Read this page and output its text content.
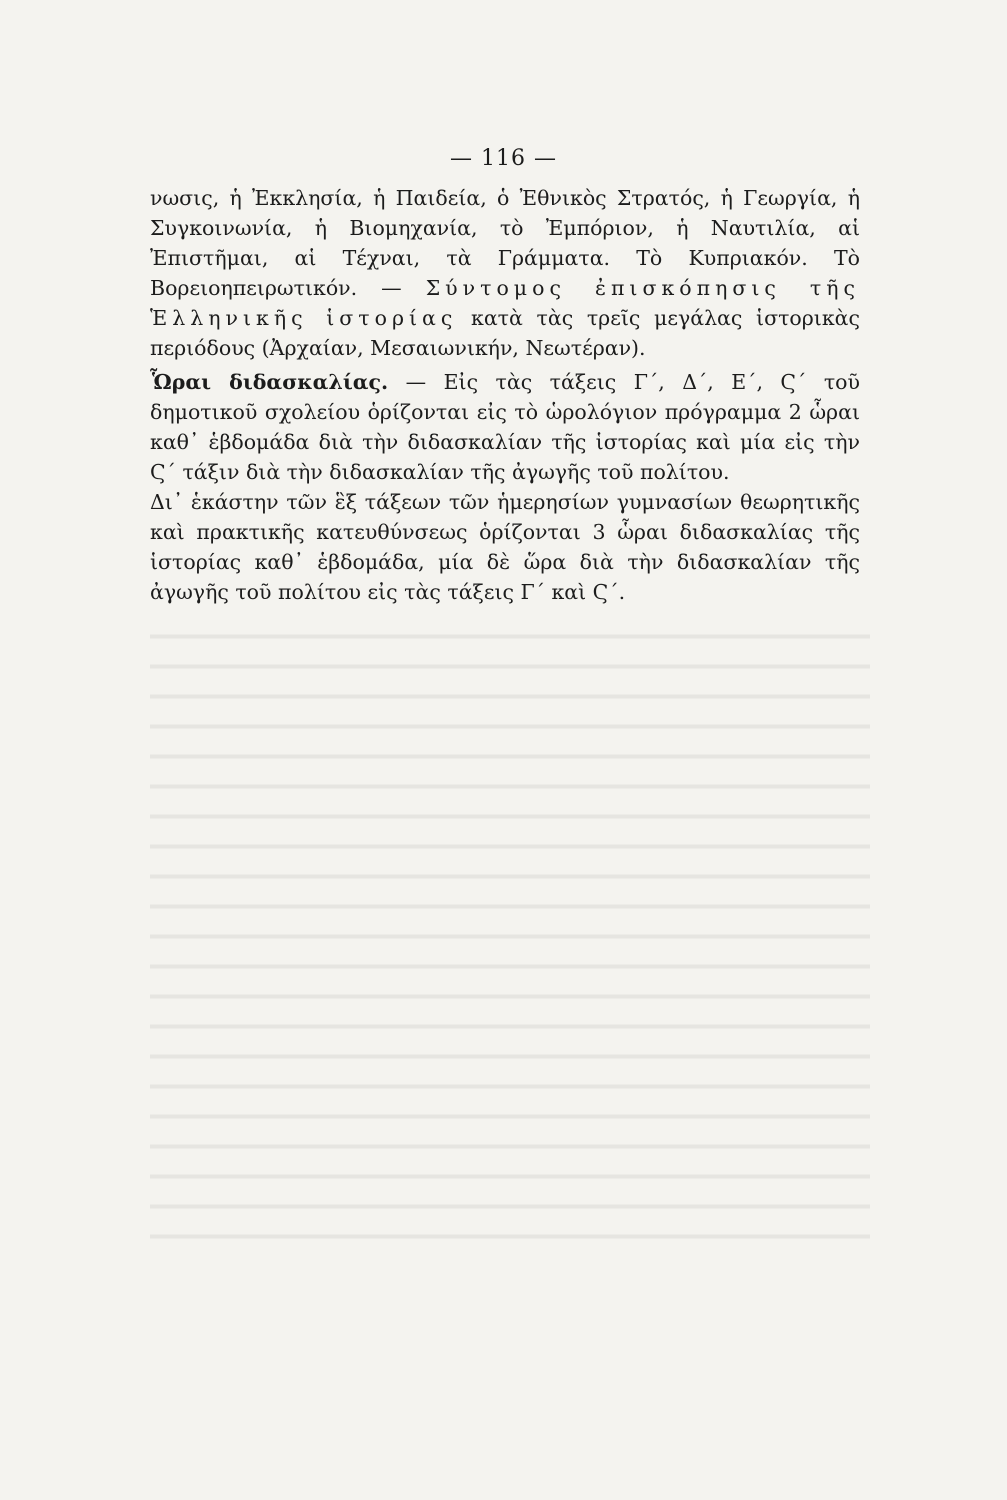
— 116 —

νωσις, ἡ Ἐκκλησία, ἡ Παιδεία, ὁ Ἐθνικὸς Στρατός, ἡ Γεωργία, ἡ Συγκοινωνία, ἡ Βιομηχανία, τὸ Ἐμπόριον, ἡ Ναυτιλία, αἱ Ἐπιστῆμαι, αἱ Τέχναι, τὰ Γράμματα. Τὸ Κυπριακόν. Τὸ Βορειοηπειρωτικόν. — Σύντομος ἐπισκόπησις τῆς Ἑλληνικῆς ἱστορίας κατὰ τὰς τρεῖς μεγάλας ἱστορικὰς περιόδους (Ἀρχαίαν, Μεσαιωνικήν, Νεωτέραν).

Ὧραι διδασκαλίας. — Εἰς τὰς τάξεις Γ΄, Δ΄, Ε΄, Ϛ΄ τοῦ δημοτικοῦ σχολείου ὁρίζονται εἰς τὸ ὡρολόγιον πρόγραμμα 2 ὧραι καθ᾽ ἑβδομάδα διὰ τὴν διδασκαλίαν τῆς ἱστορίας καὶ μία εἰς τὴν Ϛ΄ τάξιν διὰ τὴν διδασκαλίαν τῆς ἀγωγῆς τοῦ πολίτου.

Δι᾽ ἑκάστην τῶν ἓξ τάξεων τῶν ἡμερησίων γυμνασίων θεωρητικῆς καὶ πρακτικῆς κατευθύνσεως ὁρίζονται 3 ὧραι διδασκαλίας τῆς ἱστορίας καθ᾽ ἑβδομάδα, μία δὲ ὥρα διὰ τὴν διδασκαλίαν τῆς ἀγωγῆς τοῦ πολίτου εἰς τὰς τάξεις Γ΄ καὶ Ϛ΄.
